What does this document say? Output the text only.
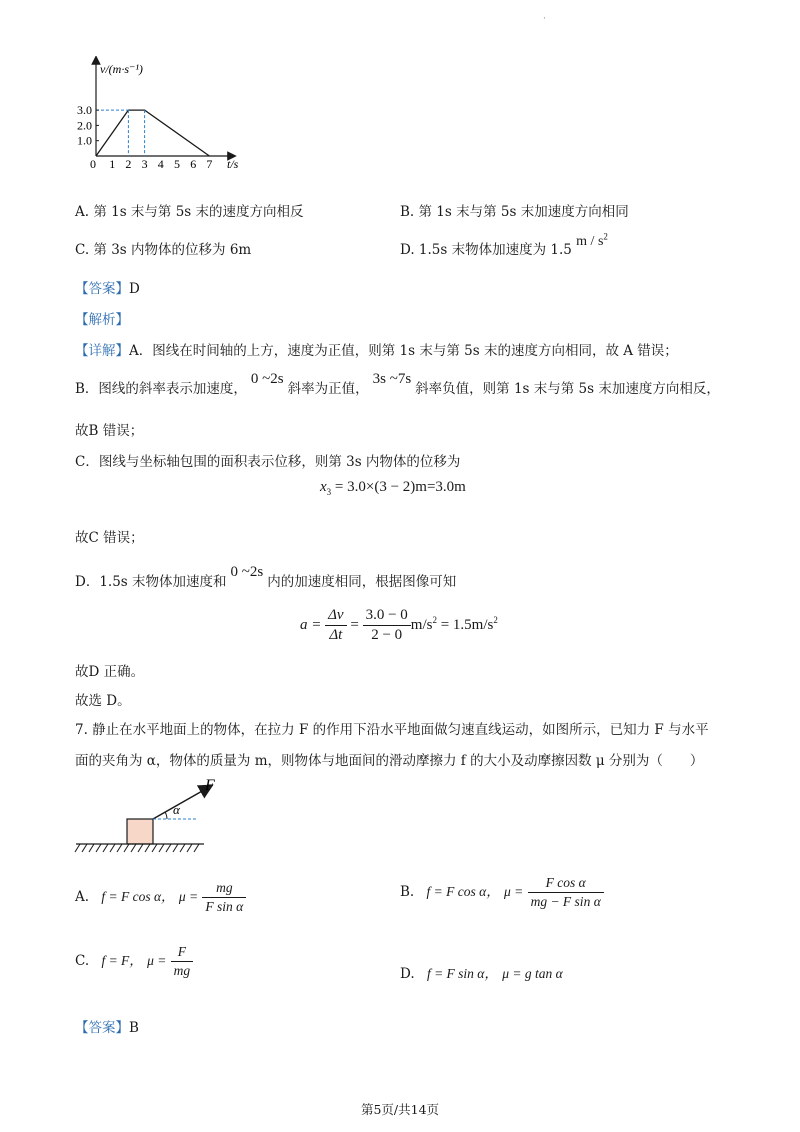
·
3.0
2.0
1.0
0 1 2 3 4 5 6 7
v/(m·s⁻¹)
t/s
A. 第 1s 末与第 5s 末的速度方向相反	B. 第 1s 末与第 5s 末加速度方向相同
C. 第 3s 内物体的位移为 6m	D. 1.5s 末物体加速度为 1.5 m / $s^2$
【答案】D
【解析】
【详解】A．图线在时间轴的上方，速度为正值，则第 1s 末与第 5s 末的速度方向相同，故 A 错误；
B．图线的斜率表示加速度，0 ~2s斜率为正值，3s ~7s斜率负值，则第 1s 末与第 5s 末加速度方向相反，
故B 错误；
C．图线与坐标轴包围的面积表示位移，则第 3s 内物体的位移为
$x_3 = 3.0\times(3 - 2)m=3.0m$
故C 错误；
D．1.5s 末物体加速度和0 ~2s内的加速度相同，根据图像可知
$a = \frac{\Delta v}{\Delta t} = \frac{3.0 - 0}{2 - 0} m/s^2 = 1.5m/s^2$
故D 正确。
故选 D。
7. 静止在水平地面上的物体，在拉力 F 的作用下沿水平地面做匀速直线运动，如图所示，已知力 F 与水平
面的夹角为 α，物体的质量为 m，则物体与地面间的滑动摩擦力 f 的大小及动摩擦因数 μ 分别为（　　）
F
α
A. f = F cos α， $\mu = \frac{mg}{\text{F sin α}}$	B. f = F cos α， $\mu = \frac{\text{F cos α}}{\text{mg − F sin α}}$
C. f = F， $\mu = \frac{F}{mg}$	D. f = F sin α， μ = g tan α
【答案】B
第5页/共14页
